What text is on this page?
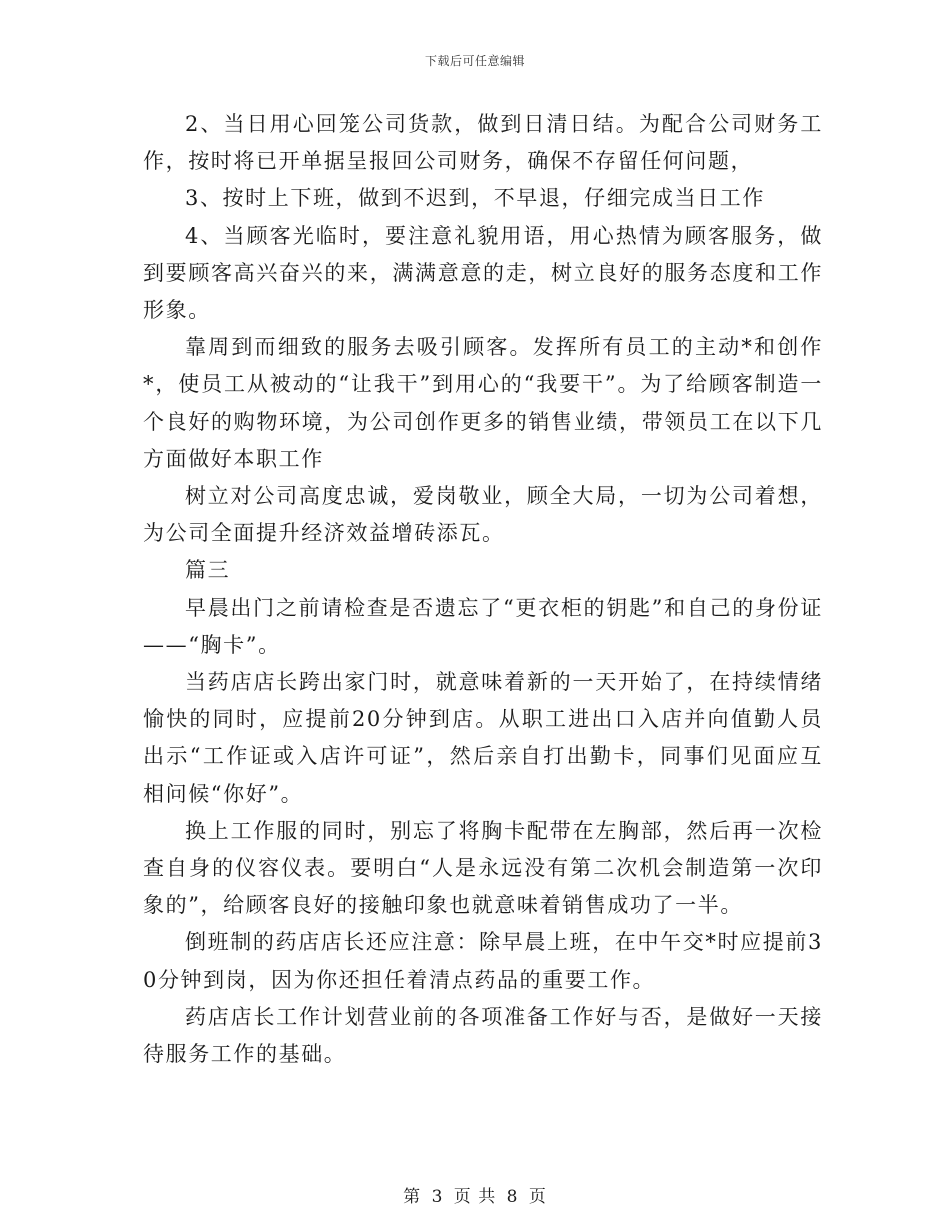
下载后可任意编辑

2、当日用心回笼公司货款，做到日清日结。为配合公司财务工作，按时将已开单据呈报回公司财务，确保不存留任何问题，

3、按时上下班，做到不迟到，不早退，仔细完成当日工作

4、当顾客光临时，要注意礼貌用语，用心热情为顾客服务，做到要顾客高兴奋兴的来，满满意意的走，树立良好的服务态度和工作形象。

靠周到而细致的服务去吸引顾客。发挥所有员工的主动*和创作*，使员工从被动的“让我干”到用心的“我要干”。为了给顾客制造一个良好的购物环境，为公司创作更多的销售业绩，带领员工在以下几方面做好本职工作

树立对公司高度忠诚，爱岗敬业，顾全大局，一切为公司着想，为公司全面提升经济效益增砖添瓦。

篇三

早晨出门之前请检查是否遗忘了“更衣柜的钥匙”和自己的身份证——“胸卡”。

当药店店长跨出家门时，就意味着新的一天开始了，在持续情绪愉快的同时，应提前20分钟到店。从职工进出口入店并向值勤人员出示“工作证或入店许可证”，然后亲自打出勤卡，同事们见面应互相问候“你好”。

换上工作服的同时，别忘了将胸卡配带在左胸部，然后再一次检查自身的仪容仪表。要明白“人是永远没有第二次机会制造第一次印象的”，给顾客良好的接触印象也就意味着销售成功了一半。

倒班制的药店店长还应注意：除早晨上班，在中午交*时应提前30分钟到岗，因为你还担任着清点药品的重要工作。

药店店长工作计划营业前的各项准备工作好与否，是做好一天接待服务工作的基础。

第 3 页 共 8 页
